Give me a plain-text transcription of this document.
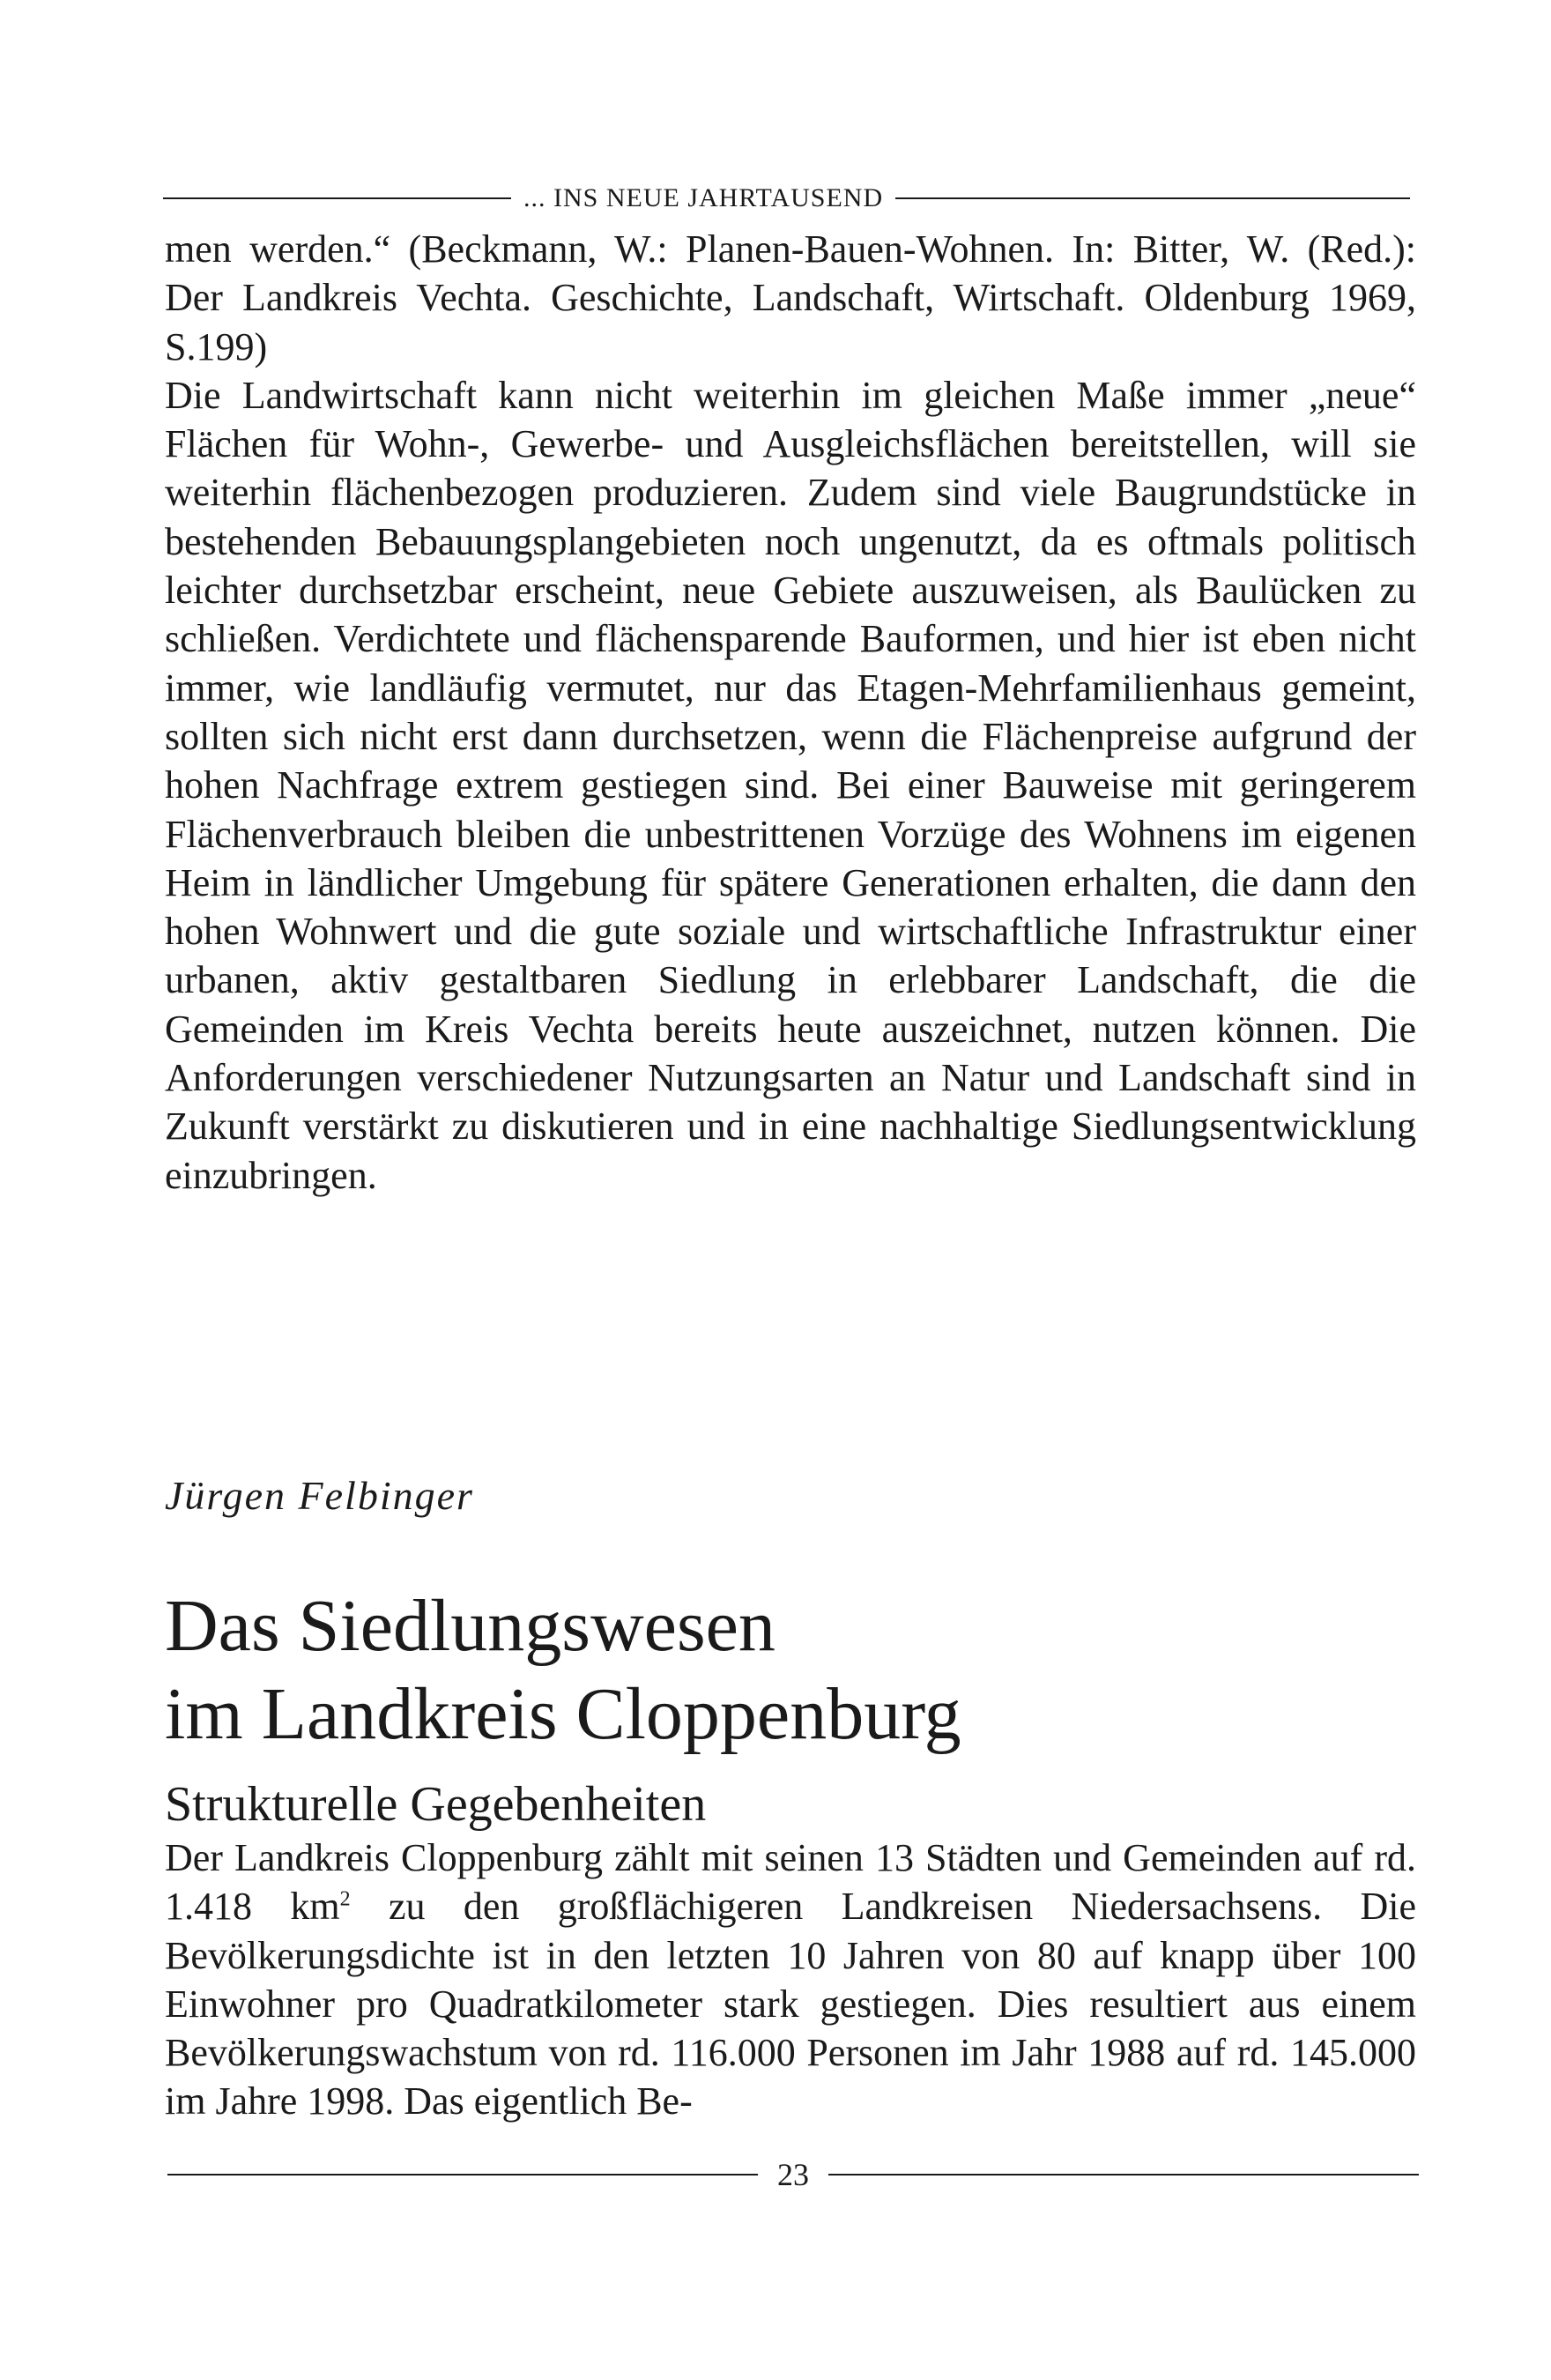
... INS NEUE JAHRTAUSEND

men werden.“ (Beckmann, W.: Planen-Bauen-Wohnen. In: Bitter, W. (Red.): Der Landkreis Vechta. Geschichte, Landschaft, Wirtschaft. Oldenburg 1969, S.199)

Die Landwirtschaft kann nicht weiterhin im gleichen Maße immer „neue“ Flächen für Wohn-, Gewerbe- und Ausgleichsflächen bereitstellen, will sie weiterhin flächenbezogen produzieren. Zudem sind viele Baugrundstücke in bestehenden Bebauungsplangebieten noch ungenutzt, da es oftmals politisch leichter durchsetzbar erscheint, neue Gebiete auszuweisen, als Baulücken zu schließen. Verdichtete und flächensparende Bauformen, und hier ist eben nicht immer, wie landläufig vermutet, nur das Etagen-Mehrfamilienhaus gemeint, sollten sich nicht erst dann durchsetzen, wenn die Flächenpreise aufgrund der hohen Nachfrage extrem gestiegen sind. Bei einer Bauweise mit geringerem Flächenverbrauch bleiben die unbestrittenen Vorzüge des Wohnens im eigenen Heim in ländlicher Umgebung für spätere Generationen erhalten, die dann den hohen Wohnwert und die gute soziale und wirtschaftliche Infrastruktur einer urbanen, aktiv gestaltbaren Siedlung in erlebbarer Landschaft, die die Gemeinden im Kreis Vechta bereits heute auszeichnet, nutzen können. Die Anforderungen verschiedener Nutzungsarten an Natur und Landschaft sind in Zukunft verstärkt zu diskutieren und in eine nachhaltige Siedlungsentwicklung einzubringen.

Jürgen Felbinger

Das Siedlungswesen
im Landkreis Cloppenburg
Strukturelle Gegebenheiten

Der Landkreis Cloppenburg zählt mit seinen 13 Städten und Gemeinden auf rd. 1.418 $km^2$ zu den großflächigeren Landkreisen Niedersachsens. Die Bevölkerungsdichte ist in den letzten 10 Jahren von 80 auf knapp über 100 Einwohner pro Quadratkilometer stark gestiegen. Dies resultiert aus einem Bevölkerungswachstum von rd. 116.000 Personen im Jahr 1988 auf rd. 145.000 im Jahre 1998. Das eigentlich Be-

23
